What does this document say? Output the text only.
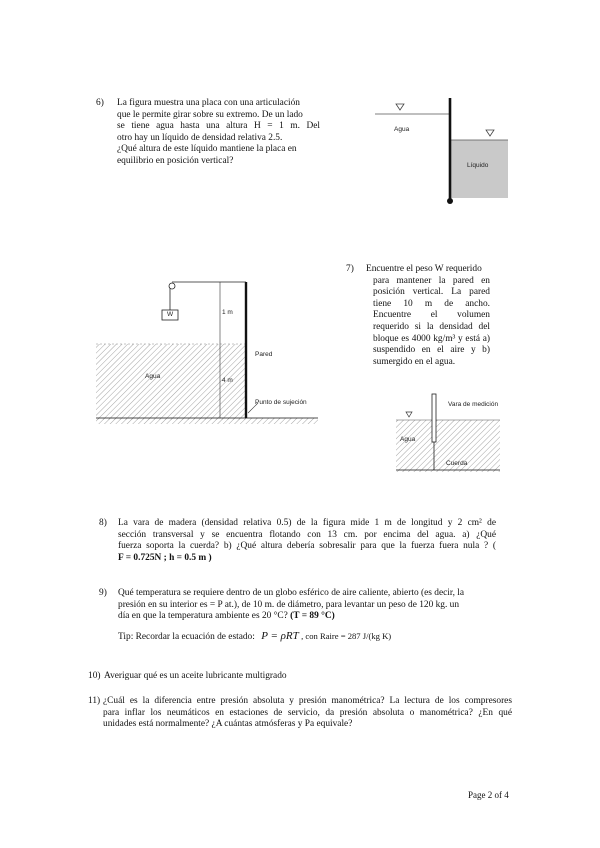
6) La figura muestra una placa con una articulación
que le permite girar sobre su extremo. De un lado
se tiene agua hasta una altura H = 1 m. Del
otro hay un líquido de densidad relativa 2.5.
¿Qué altura de este líquido mantiene la placa en
equilibrio en posición vertical?
Agua
Líquido
7) Encuentre el peso W requerido
para mantener la pared en
posición vertical. La pared
tiene 10 m de ancho.
Encuentre el volumen
requerido si la densidad del
bloque es 4000 kg/m³ y está a)
suspendido en el aire y b)
sumergido en el agua.
W	1 m
Pared
Agua
4 m
Punto de sujeción	Vara de medición
Agua
Cuerda
8) La vara de madera (densidad relativa 0.5) de la figura mide 1 m de longitud y 2 cm² de
sección transversal y se encuentra flotando con 13 cm. por encima del agua. a) ¿Qué
fuerza soporta la cuerda? b) ¿Qué altura debería sobresalir para que la fuerza fuera nula ? (
F = 0.725N ; h = 0.5 m )
9) Qué temperatura se requiere dentro de un globo esférico de aire caliente, abierto (es decir, la
presión en su interior es = P at.), de 10 m. de diámetro, para levantar un peso de 120 kg. un
día en que la temperatura ambiente es 20 °C? (T = 89 °C)
Tip: Recordar la ecuación de estado: P = ρRT , con Raire = 287 J/(kg K)
10) Averiguar qué es un aceite lubricante multigrado
11) ¿Cuál es la diferencia entre presión absoluta y presión manométrica? La lectura de los compresores
para inflar los neumáticos en estaciones de servicio, da presión absoluta o manométrica? ¿En qué
unidades está normalmente? ¿A cuántas atmósferas y Pa equivale?
Page 2 of 4
